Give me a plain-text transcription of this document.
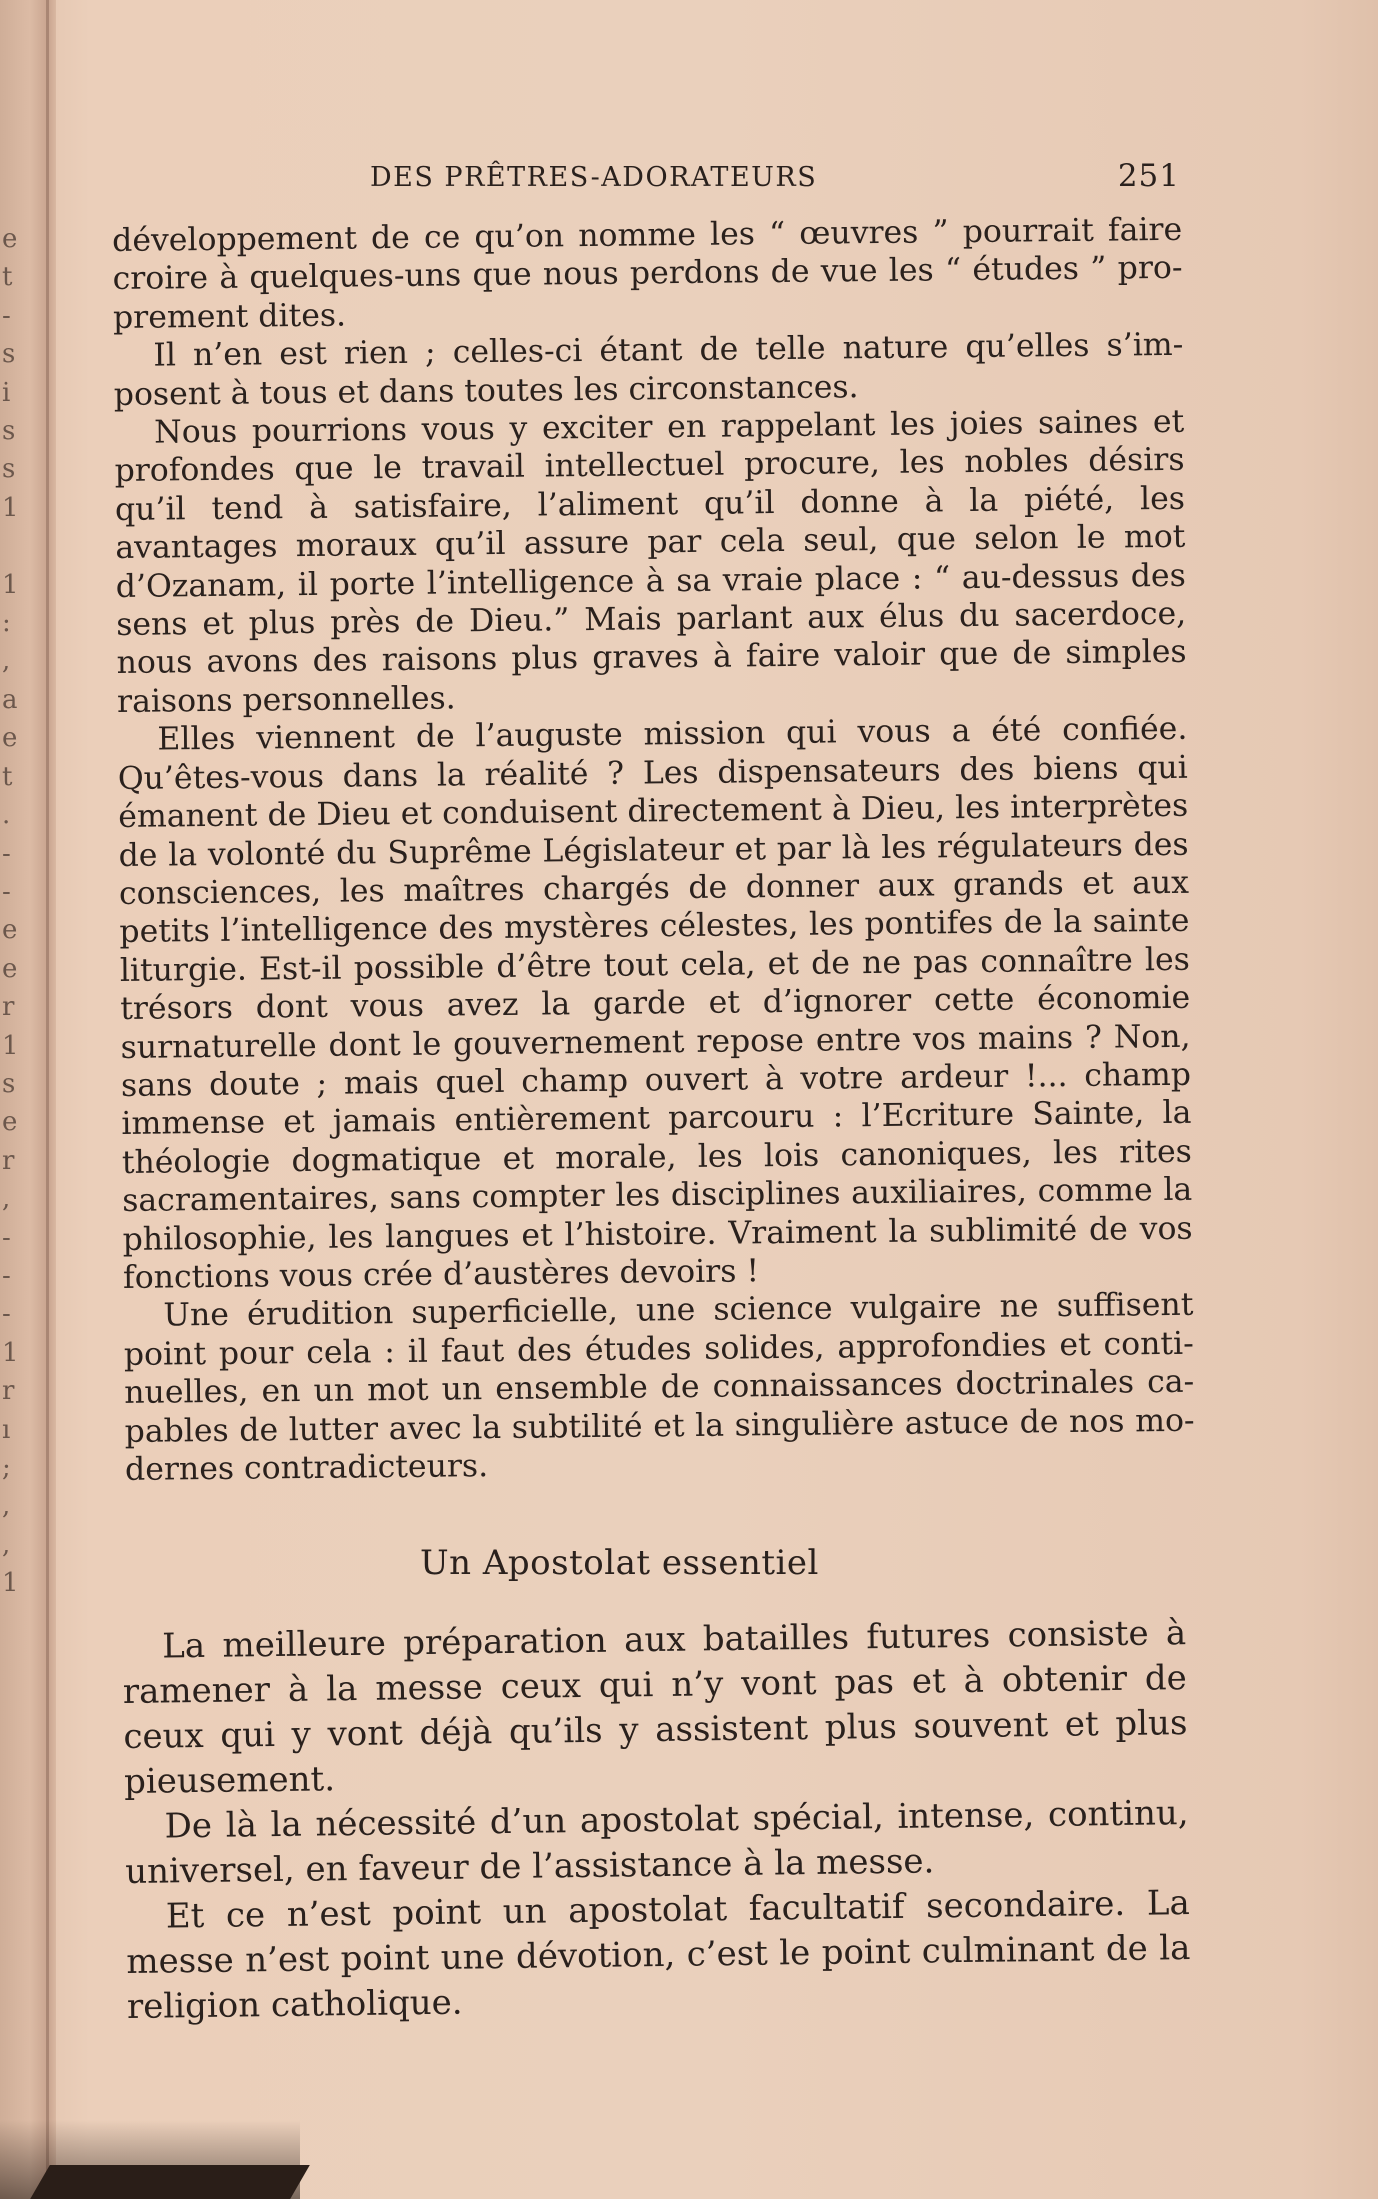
e
t
-
s
i
s
s
1

1
:
,
a
e
t
.
-
-
e
e
r
1
s
e
r
,
-
-
-
1
r
ı
;
,
,
1
DES PRÊTRES-ADORATEURS	251

développement de ce qu’on nomme les “ œuvres ” pourrait faire croire à quelques-uns que nous perdons de vue les “ études ” proprement dites.

Il n’en est rien ; celles-ci étant de telle nature qu’elles s’imposent à tous et dans toutes les circonstances.

Nous pourrions vous y exciter en rappelant les joies saines et profondes que le travail intellectuel procure, les nobles désirs qu’il tend à satisfaire, l’aliment qu’il donne à la piété, les avantages moraux qu’il assure par cela seul, que selon le mot d’Ozanam, il porte l’intelligence à sa vraie place : “ au-dessus des sens et plus près de Dieu.” Mais parlant aux élus du sacerdoce, nous avons des raisons plus graves à faire valoir que de simples raisons personnelles.

Elles viennent de l’auguste mission qui vous a été confiée. Qu’êtes-vous dans la réalité ? Les dispensateurs des biens qui émanent de Dieu et conduisent directement à Dieu, les interprètes de la volonté du Suprême Législateur et par là les régulateurs des consciences, les maîtres chargés de donner aux grands et aux petits l’intelligence des mystères célestes, les pontifes de la sainte liturgie. Est-il possible d’être tout cela, et de ne pas connaître les trésors dont vous avez la garde et d’ignorer cette économie surnaturelle dont le gouvernement repose entre vos mains ? Non, sans doute ; mais quel champ ouvert à votre ardeur !... champ immense et jamais entièrement parcouru : l’Ecriture Sainte, la théologie dogmatique et morale, les lois canoniques, les rites sacramentaires, sans compter les disciplines auxiliaires, comme la philosophie, les langues et l’histoire. Vraiment la sublimité de vos fonctions vous crée d’austères devoirs !

Une érudition superficielle, une science vulgaire ne suffisent point pour cela : il faut des études solides, approfondies et continuelles, en un mot un ensemble de connaissances doctrinales capables de lutter avec la subtilité et la singulière astuce de nos modernes contradicteurs.

Un Apostolat essentiel

La meilleure préparation aux batailles futures consiste à ramener à la messe ceux qui n’y vont pas et à obtenir de ceux qui y vont déjà qu’ils y assistent plus souvent et plus pieusement.

De là la nécessité d’un apostolat spécial, intense, continu, universel, en faveur de l’assistance à la messe.

Et ce n’est point un apostolat facultatif secondaire. La messe n’est point une dévotion, c’est le point culminant de la religion catholique.
